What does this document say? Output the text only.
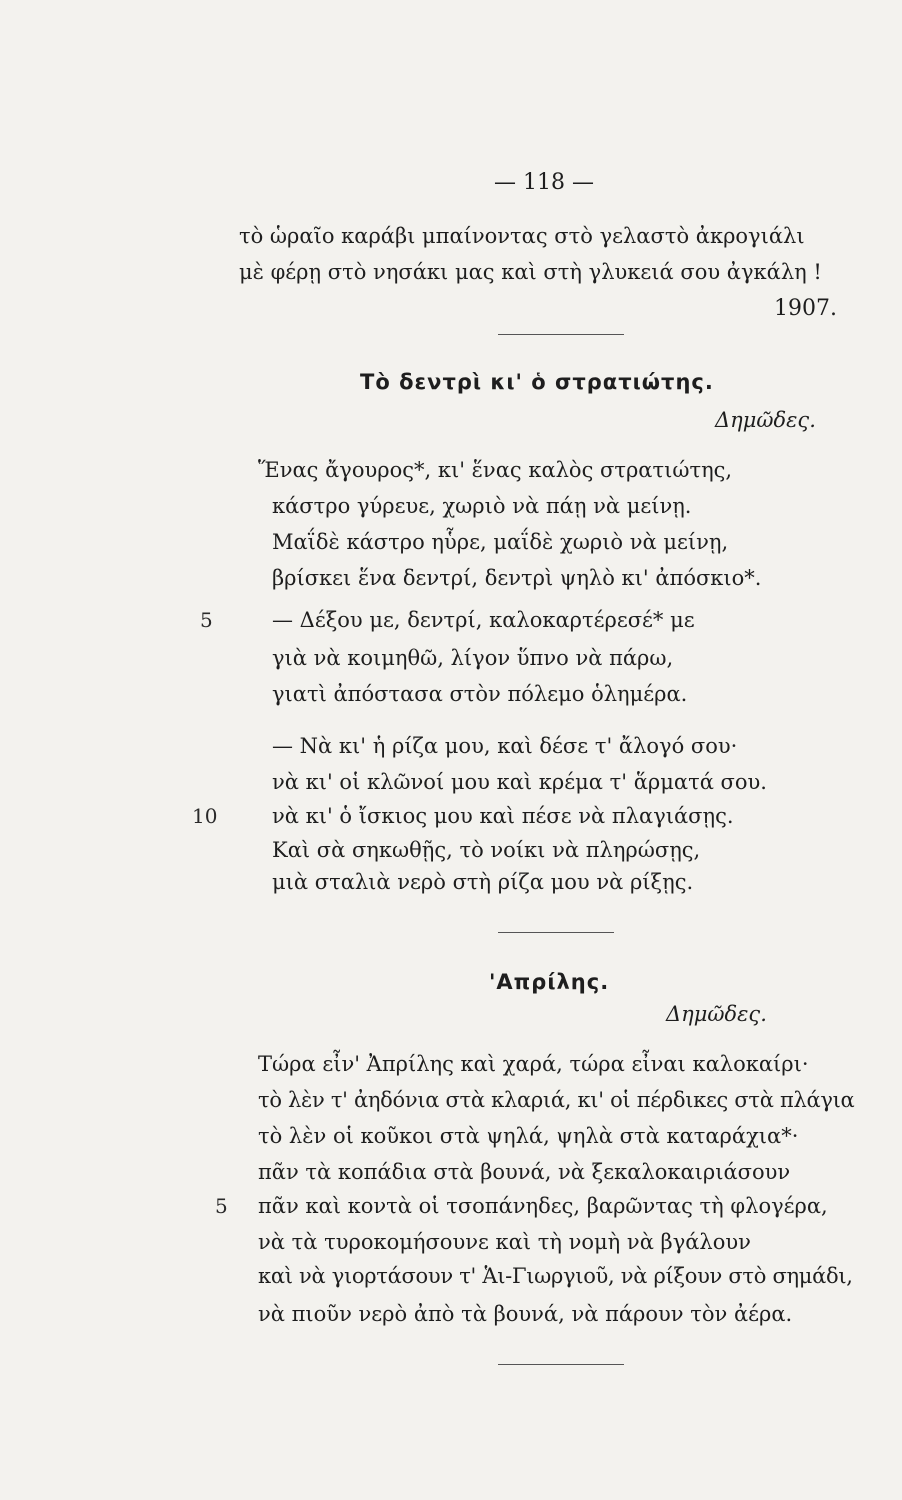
— 118 —
τὸ ὡραῖο καράβι μπαίνοντας στὸ γελαστὸ ἀκρογιάλι
μὲ φέρῃ στὸ νησάκι μας καὶ στὴ γλυκειά σου ἀγκάλη !
1907.
Τὸ δεντρὶ κι' ὁ στρατιώτης.
Δημῶδες.
Ἕνας ἄγουρος*, κι' ἕνας καλὸς στρατιώτης,
κάστρο γύρευε, χωριὸ νὰ πάῃ νὰ μείνῃ.
Μαΐδὲ κάστρο ηὗρε, μαΐδὲ χωριὸ νὰ μείνῃ,
βρίσκει ἕνα δεντρί, δεντρὶ ψηλὸ κι' ἀπόσκιο*.
5	— Δέξου με, δεντρί, καλοκαρτέρεσέ* με
γιὰ νὰ κοιμηθῶ, λίγον ὕπνο νὰ πάρω,
γιατὶ ἀπόστασα στὸν πόλεμο ὁλημέρα.
— Νὰ κι' ἡ ρίζα μου, καὶ δέσε τ' ἄλογό σου·
νὰ κι' οἱ κλῶνοί μου καὶ κρέμα τ' ἅρματά σου.
10	νὰ κι' ὁ ἴσκιος μου καὶ πέσε νὰ πλαγιάσῃς.
Καὶ σὰ σηκωθῇς, τὸ νοίκι νὰ πληρώσῃς,
μιὰ σταλιὰ νερὸ στὴ ρίζα μου νὰ ρίξῃς.
'Απρίλης.
Δημῶδες.
Τώρα εἶν' Ἀπρίλης καὶ χαρά, τώρα εἶναι καλοκαίρι·
τὸ λὲν τ' ἀηδόνια στὰ κλαριά, κι' οἱ πέρδικες στὰ πλάγια
τὸ λὲν οἱ κοῦκοι στὰ ψηλά, ψηλὰ στὰ καταράχια*·
πᾶν τὰ κοπάδια στὰ βουνά, νὰ ξεκαλοκαιριάσουν
5 πᾶν καὶ κοντὰ οἱ τσοπάνηδες, βαρῶντας τὴ φλογέρα,
νὰ τὰ τυροκομήσουνε καὶ τὴ νομὴ νὰ βγάλουν
καὶ νὰ γιορτάσουν τ' Ἁι-Γιωργιοῦ, νὰ ρίξουν στὸ σημάδι,
νὰ πιοῦν νερὸ ἀπὸ τὰ βουνά, νὰ πάρουν τὸν ἀέρα.
